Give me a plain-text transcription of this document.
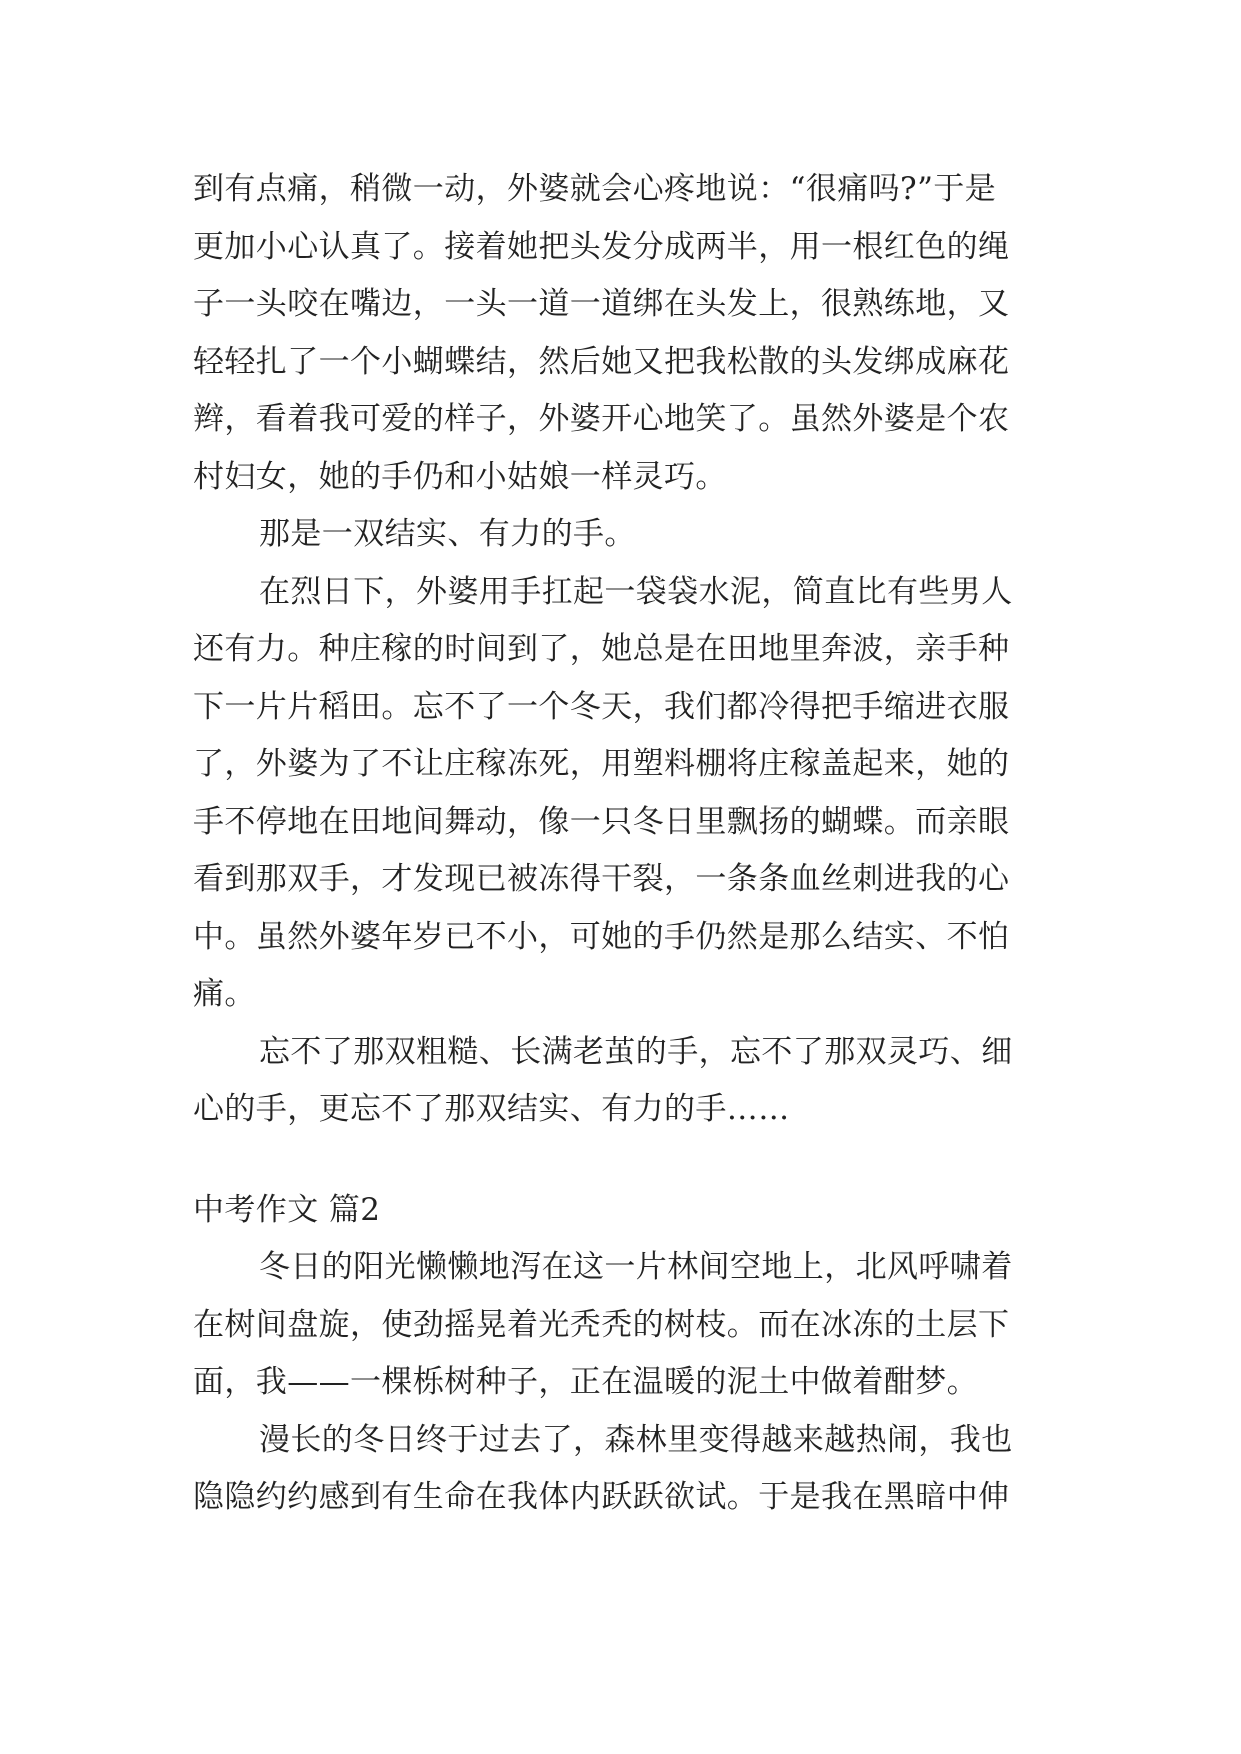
到有点痛，稍微一动，外婆就会心疼地说：“很痛吗?”于是
更加小心认真了。接着她把头发分成两半，用一根红色的绳
子一头咬在嘴边，一头一道一道绑在头发上，很熟练地，又
轻轻扎了一个小蝴蝶结，然后她又把我松散的头发绑成麻花
辫，看着我可爱的样子，外婆开心地笑了。虽然外婆是个农
村妇女，她的手仍和小姑娘一样灵巧。
那是一双结实、有力的手。
在烈日下，外婆用手扛起一袋袋水泥，简直比有些男人
还有力。种庄稼的时间到了，她总是在田地里奔波，亲手种
下一片片稻田。忘不了一个冬天，我们都冷得把手缩进衣服
了，外婆为了不让庄稼冻死，用塑料棚将庄稼盖起来，她的
手不停地在田地间舞动，像一只冬日里飘扬的蝴蝶。而亲眼
看到那双手，才发现已被冻得干裂，一条条血丝刺进我的心
中。虽然外婆年岁已不小，可她的手仍然是那么结实、不怕
痛。
忘不了那双粗糙、长满老茧的手，忘不了那双灵巧、细
心的手，更忘不了那双结实、有力的手……
中考作文 篇2
冬日的阳光懒懒地泻在这一片林间空地上，北风呼啸着
在树间盘旋，使劲摇晃着光秃秃的树枝。而在冰冻的土层下
面，我——一棵栎树种子，正在温暖的泥土中做着酣梦。
漫长的冬日终于过去了，森林里变得越来越热闹，我也
隐隐约约感到有生命在我体内跃跃欲试。于是我在黑暗中伸
